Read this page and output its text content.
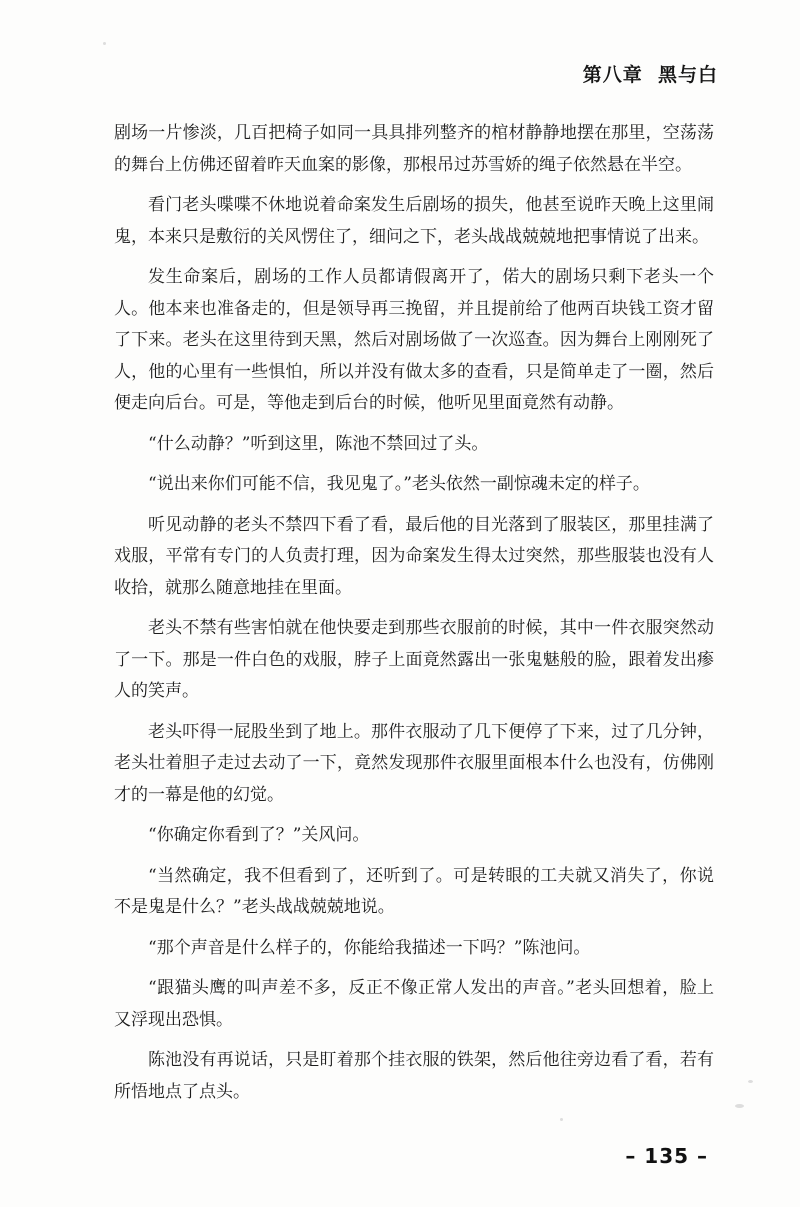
第八章  黑与白

剧场一片惨淡，几百把椅子如同一具具排列整齐的棺材静静地摆在那里，空荡荡的舞台上仿佛还留着昨天血案的影像，那根吊过苏雪娇的绳子依然悬在半空。

看门老头喋喋不休地说着命案发生后剧场的损失，他甚至说昨天晚上这里闹鬼，本来只是敷衍的关风愣住了，细问之下，老头战战兢兢地把事情说了出来。

发生命案后，剧场的工作人员都请假离开了，偌大的剧场只剩下老头一个人。他本来也准备走的，但是领导再三挽留，并且提前给了他两百块钱工资才留了下来。老头在这里待到天黑，然后对剧场做了一次巡查。因为舞台上刚刚死了人，他的心里有一些惧怕，所以并没有做太多的查看，只是简单走了一圈，然后便走向后台。可是，等他走到后台的时候，他听见里面竟然有动静。

“什么动静？”听到这里，陈池不禁回过了头。

“说出来你们可能不信，我见鬼了。”老头依然一副惊魂未定的样子。

听见动静的老头不禁四下看了看，最后他的目光落到了服装区，那里挂满了戏服，平常有专门的人负责打理，因为命案发生得太过突然，那些服装也没有人收拾，就那么随意地挂在里面。

老头不禁有些害怕就在他快要走到那些衣服前的时候，其中一件衣服突然动了一下。那是一件白色的戏服，脖子上面竟然露出一张鬼魅般的脸，跟着发出瘆人的笑声。

老头吓得一屁股坐到了地上。那件衣服动了几下便停了下来，过了几分钟，老头壮着胆子走过去动了一下，竟然发现那件衣服里面根本什么也没有，仿佛刚才的一幕是他的幻觉。

“你确定你看到了？”关风问。

“当然确定，我不但看到了，还听到了。可是转眼的工夫就又消失了，你说不是鬼是什么？”老头战战兢兢地说。

“那个声音是什么样子的，你能给我描述一下吗？”陈池问。

“跟猫头鹰的叫声差不多，反正不像正常人发出的声音。”老头回想着，脸上又浮现出恐惧。

陈池没有再说话，只是盯着那个挂衣服的铁架，然后他往旁边看了看，若有所悟地点了点头。

– 135 –
